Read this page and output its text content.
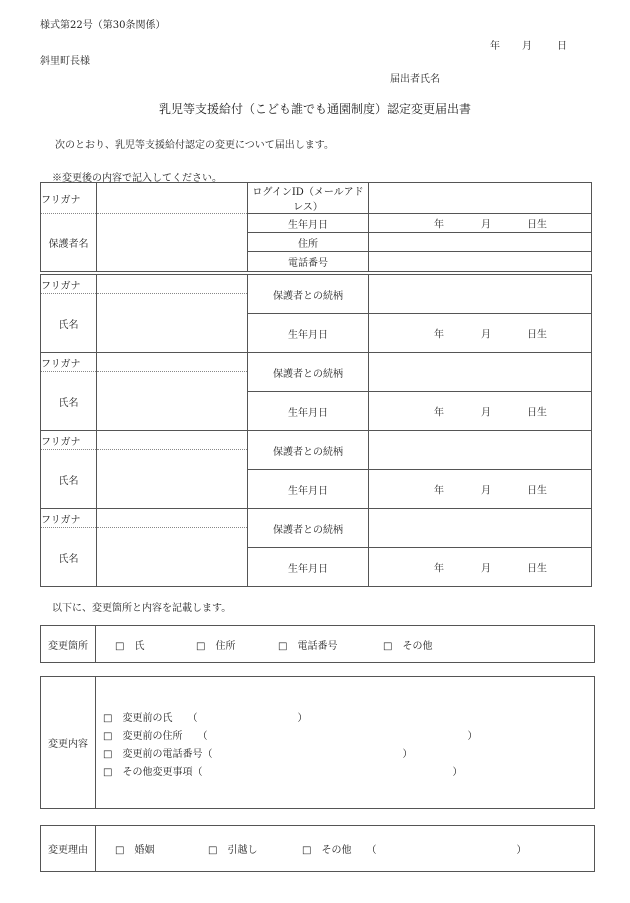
様式第22号（第30条関係）
年 月	日
斜里町長様
届出者氏名
乳児等支援給付（こども誰でも通園制度）認定変更届出書
次のとおり、乳児等支援給付認定の変更について届出します。
※変更後の内容で記入してください。
フリガナ		ログインID（メールアドレス）	
保護者名		生年月日	年 月 日生

		住所	
		電話番号	
フリガナ		保護者との続柄	
氏名			
		生年月日	年 月 日生

フリガナ		保護者との続柄	
氏名			
		生年月日	年 月 日生

フリガナ		保護者との続柄	
氏名			
		生年月日	年 月 日生

フリガナ		保護者との続柄	
氏名			
		生年月日	年 月 日生
以下に、変更箇所と内容を記載します。
変更箇所	□　氏	□　住所	□　電話番号	□　その他
変更内容
□　変更前の氏　　（　　　　　　　　　　）
□　変更前の住所　　（　　　　　　　　　　　　　　　　　　　　　　　　　　）
□　変更前の電話番号（　　　　　　　　　　　　　　　　　　　）
□　その他変更事項（　　　　　　　　　　　　　　　　　　　　　　　　　）
変更理由	□　婚姻	□　引越し	□　その他　　（　　　　　　　　　　　　　　）
